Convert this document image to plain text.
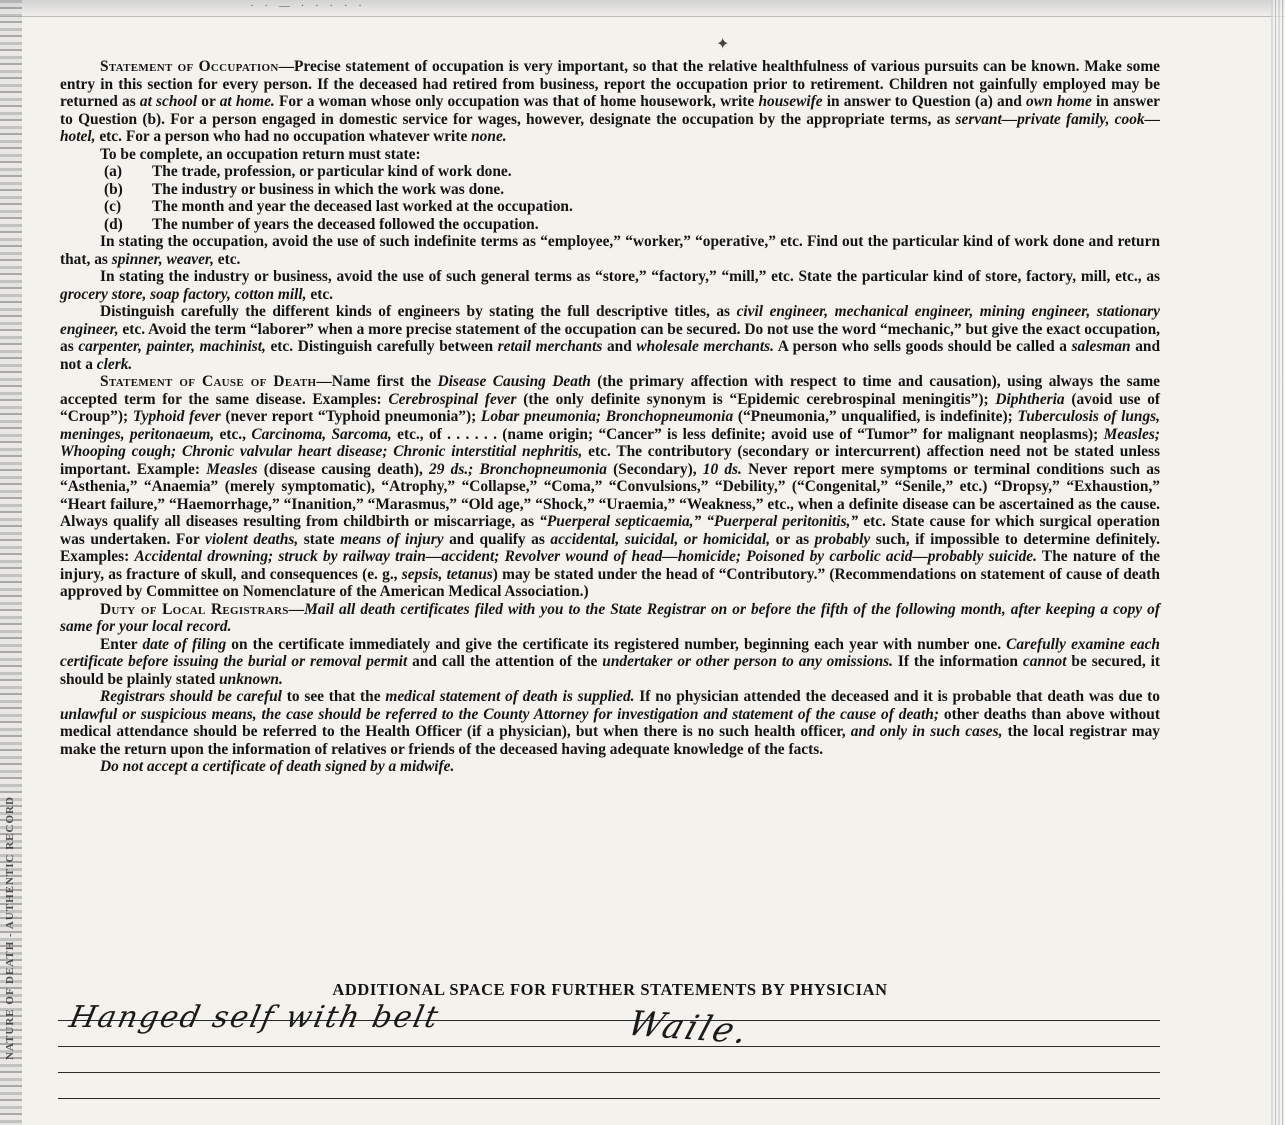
· · — · · · · ·
NATURE OF DEATH - AUTHENTIC RECORD
✦

Statement of Occupation—Precise statement of occupation is very important, so that the relative healthfulness of various pursuits can be known. Make some entry in this section for every person. If the deceased had retired from business, report the occupation prior to retirement. Children not gainfully employed may be returned as at school or at home. For a woman whose only occupation was that of home housework, write housewife in answer to Question (a) and own home in answer to Question (b). For a person engaged in domestic service for wages, however, designate the occupation by the appropriate terms, as servant—private family, cook—hotel, etc. For a person who had no occupation whatever write none.

To be complete, an occupation return must state:

(a)	The trade, profession, or particular kind of work done.
(b)	The industry or business in which the work was done.
(c)	The month and year the deceased last worked at the occupation.
(d)	The number of years the deceased followed the occupation.

In stating the occupation, avoid the use of such indefinite terms as “employee,” “worker,” “operative,” etc. Find out the particular kind of work done and return that, as spinner, weaver, etc.

In stating the industry or business, avoid the use of such general terms as “store,” “factory,” “mill,” etc. State the particular kind of store, factory, mill, etc., as grocery store, soap factory, cotton mill, etc.

Distinguish carefully the different kinds of engineers by stating the full descriptive titles, as civil engineer, mechanical engineer, mining engineer, stationary engineer, etc. Avoid the term “laborer” when a more precise statement of the occupation can be secured. Do not use the word “mechanic,” but give the exact occupation, as carpenter, painter, machinist, etc. Distinguish carefully between retail merchants and wholesale merchants. A person who sells goods should be called a salesman and not a clerk.

Statement of Cause of Death—Name first the Disease Causing Death (the primary affection with respect to time and causation), using always the same accepted term for the same disease. Examples: Cerebrospinal fever (the only definite synonym is “Epidemic cerebrospinal meningitis”); Diphtheria (avoid use of “Croup”); Typhoid fever (never report “Typhoid pneumonia”); Lobar pneumonia; Bronchopneumonia (“Pneumonia,” unqualified, is indefinite); Tuberculosis of lungs, meninges, peritonaeum, etc., Carcinoma, Sarcoma, etc., of . . . . . . (name origin; “Cancer” is less definite; avoid use of “Tumor” for malignant neoplasms); Measles; Whooping cough; Chronic valvular heart disease; Chronic interstitial nephritis, etc. The contributory (secondary or intercurrent) affection need not be stated unless important. Example: Measles (disease causing death), 29 ds.; Bronchopneumonia (Secondary), 10 ds. Never report mere symptoms or terminal conditions such as “Asthenia,” “Anaemia” (merely symptomatic), “Atrophy,” “Collapse,” “Coma,” “Convulsions,” “Debility,” (“Congenital,” “Senile,” etc.) “Dropsy,” “Exhaustion,” “Heart failure,” “Haemorrhage,” “Inanition,” “Marasmus,” “Old age,” “Shock,” “Uraemia,” “Weakness,” etc., when a definite disease can be ascertained as the cause. Always qualify all diseases resulting from childbirth or miscarriage, as “Puerperal septicaemia,” “Puerperal peritonitis,” etc. State cause for which surgical operation was undertaken. For violent deaths, state means of injury and qualify as accidental, suicidal, or homicidal, or as probably such, if impossible to determine definitely. Examples: Accidental drowning; struck by railway train—accident; Revolver wound of head—homicide; Poisoned by carbolic acid—probably suicide. The nature of the injury, as fracture of skull, and consequences (e. g., sepsis, tetanus) may be stated under the head of “Contributory.” (Recommendations on statement of cause of death approved by Committee on Nomenclature of the American Medical Association.)

Duty of Local Registrars—Mail all death certificates filed with you to the State Registrar on or before the fifth of the following month, after keeping a copy of same for your local record.

Enter date of filing on the certificate immediately and give the certificate its registered number, beginning each year with number one. Carefully examine each certificate before issuing the burial or removal permit and call the attention of the undertaker or other person to any omissions. If the information cannot be secured, it should be plainly stated unknown.

Registrars should be careful to see that the medical statement of death is supplied. If no physician attended the deceased and it is probable that death was due to unlawful or suspicious means, the case should be referred to the County Attorney for investigation and statement of the cause of death; other deaths than above without medical attendance should be referred to the Health Officer (if a physician), but when there is no such health officer, and only in such cases, the local registrar may make the return upon the information of relatives or friends of the deceased having adequate knowledge of the facts.

Do not accept a certificate of death signed by a midwife.

ADDITIONAL SPACE FOR FURTHER STATEMENTS BY PHYSICIAN
Hanged self with belt	Waile.
